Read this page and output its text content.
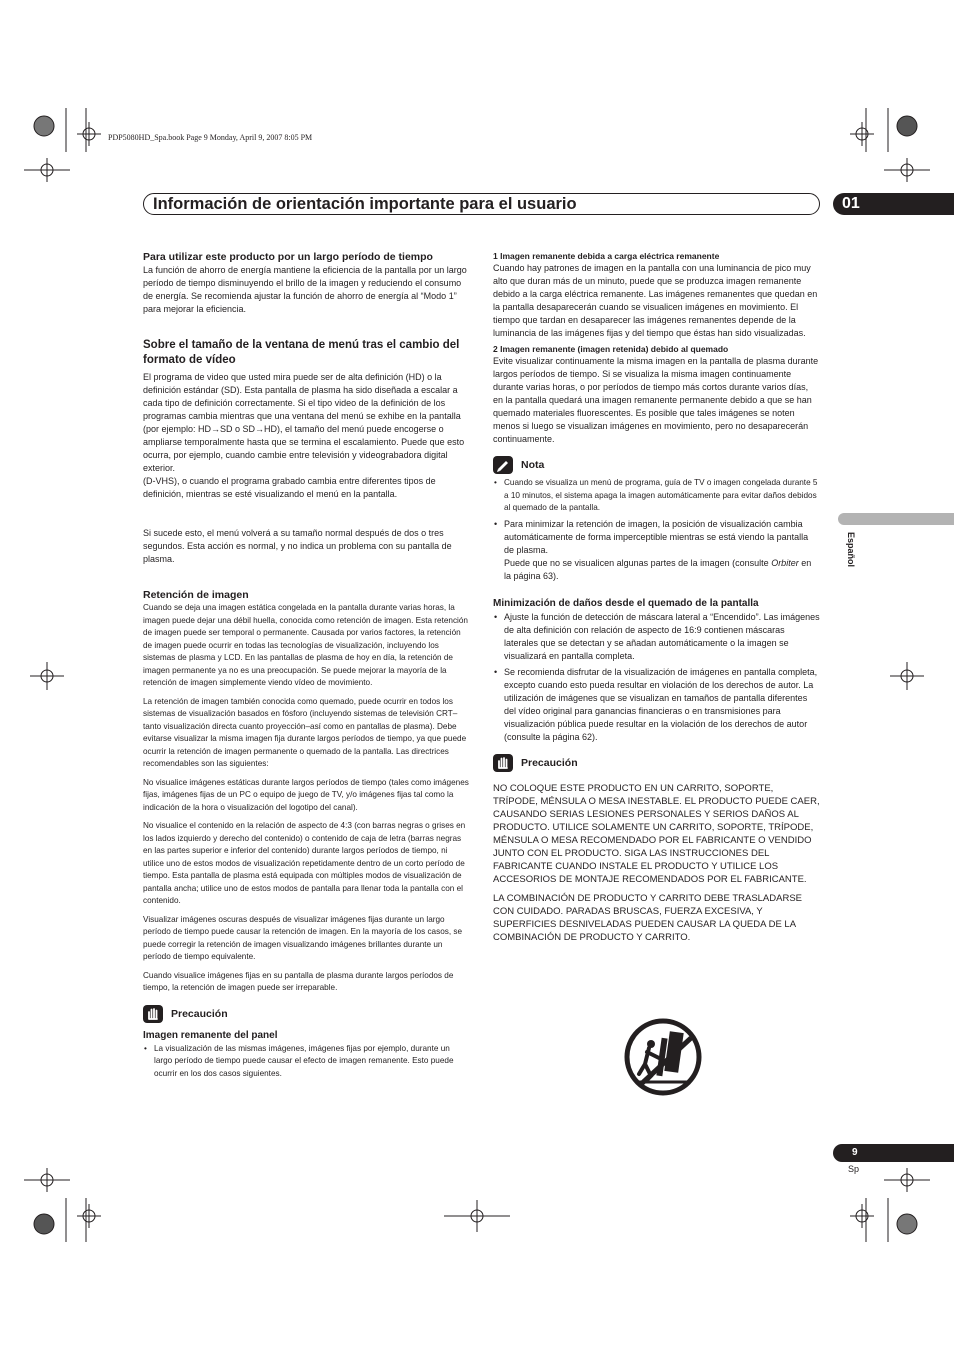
PDP5080HD_Spa.book Page 9 Monday, April 9, 2007 8:05 PM
Información de orientación importante para el usuario	01
Español
9
Sp

Para utilizar este producto por un largo período de tiempo

La función de ahorro de energía mantiene la eficiencia de la pantalla por un largo período de tiempo disminuyendo el brillo de la imagen y reduciendo el consumo de energía. Se recomienda ajustar la función de ahorro de energía al “Modo 1” para mejorar la eficiencia.

Sobre el tamaño de la ventana de menú tras el cambio del formato de vídeo

El programa de video que usted mira puede ser de alta definición (HD) o la definición estándar (SD). Esta pantalla de plasma ha sido diseñada a escalar a cada tipo de definición correctamente. Si el tipo video de la definición de los programas cambia mientras que una ventana del menú se exhibe en la pantalla (por ejemplo: HD→SD o SD→HD), el tamaño del menú puede encogerse o ampliarse temporalmente hasta que se termina el escalamiento. Puede que esto ocurra, por ejemplo, cuando cambie entre televisión y videograbadora digital exterior.

(D-VHS), o cuando el programa grabado cambia entre diferentes tipos de definición, mientras se esté visualizando el menú en la pantalla.

Si sucede esto, el menú volverá a su tamaño normal después de dos o tres segundos. Esta acción es normal, y no indica un problema con su pantalla de plasma.

Retención de imagen

Cuando se deja una imagen estática congelada en la pantalla durante varias horas, la imagen puede dejar una débil huella, conocida como retención de imagen. Esta retención de imagen puede ser temporal o permanente. Causada por varios factores, la retención de imagen puede ocurrir en todas las tecnologías de visualización, incluyendo los sistemas de plasma y LCD. En las pantallas de plasma de hoy en día, la retención de imagen permanente ya no es una preocupación. Se puede mejorar la mayoría de la retención de imagen simplemente viendo vídeo de movimiento.

La retención de imagen también conocida como quemado, puede ocurrir en todos los sistemas de visualización basados en fósforo (incluyendo sistemas de televisión CRT–tanto visualización directa cuanto proyección–así como en pantallas de plasma). Debe evitarse visualizar la misma imagen fija durante largos períodos de tiempo, ya que puede ocurrir la retención de imagen permanente o quemado de la pantalla. Las directrices recomendables son las siguientes:

No visualice imágenes estáticas durante largos períodos de tiempo (tales como imágenes fijas, imágenes fijas de un PC o equipo de juego de TV, y/o imágenes fijas tal como la indicación de la hora o visualización del logotipo del canal).

No visualice el contenido en la relación de aspecto de 4:3 (con barras negras o grises en los lados izquierdo y derecho del contenido) o contenido de caja de letra (barras negras en las partes superior e inferior del contenido) durante largos períodos de tiempo, ni utilice uno de estos modos de visualización repetidamente dentro de un corto período de tiempo. Esta pantalla de plasma está equipada con múltiples modos de visualización de pantalla ancha; utilice uno de estos modos de pantalla para llenar toda la pantalla con el contenido.

Visualizar imágenes oscuras después de visualizar imágenes fijas durante un largo período de tiempo puede causar la retención de imagen. En la mayoría de los casos, se puede corregir la retención de imagen visualizando imágenes brillantes durante un período de tiempo equivalente.

Cuando visualice imágenes fijas en su pantalla de plasma durante largos períodos de tiempo, la retención de imagen puede ser irreparable.

Precaución

Imagen remanente del panel

• La visualización de las mismas imágenes, imágenes fijas por ejemplo, durante un largo período de tiempo puede causar el efecto de imagen remanente. Esto puede ocurrir en los dos casos siguientes.

1 Imagen remanente debida a carga eléctrica remanente

Cuando hay patrones de imagen en la pantalla con una luminancia de pico muy alto que duran más de un minuto, puede que se produzca imagen remanente debido a la carga eléctrica remanente. Las imágenes remanentes que quedan en la pantalla desaparecerán cuando se visualicen imágenes en movimiento. El tiempo que tardan en desaparecer las imágenes remanentes depende de la luminancia de las imágenes fijas y del tiempo que éstas han sido visualizadas.

2 Imagen remanente (imagen retenida) debido al quemado

Evite visualizar continuamente la misma imagen en la pantalla de plasma durante largos períodos de tiempo. Si se visualiza la misma imagen continuamente durante varias horas, o por períodos de tiempo más cortos durante varios días, en la pantalla quedará una imagen remanente permanente debido a que se han quemado materiales fluorescentes. Es posible que tales imágenes se noten menos si luego se visualizan imágenes en movimiento, pero no desaparecerán continuamente.

Nota
• Cuando se visualiza un menú de programa, guía de TV o imagen congelada durante 5 a 10 minutos, el sistema apaga la imagen automáticamente para evitar daños debidos al quemado de la pantalla.
• Para minimizar la retención de imagen, la posición de visualización cambia automáticamente de forma imperceptible mientras se está viendo la pantalla de plasma.
Puede que no se visualicen algunas partes de la imagen (consulte Orbiter en la página 63).

Minimización de daños desde el quemado de la pantalla

• Ajuste la función de detección de máscara lateral a “Encendido”. Las imágenes de alta definición con relación de aspecto de 16:9 contienen máscaras laterales que se detectan y se añadan automáticamente o la imagen se visualizará en pantalla completa.
• Se recomienda disfrutar de la visualización de imágenes en pantalla completa, excepto cuando esto pueda resultar en violación de los derechos de autor. La utilización de imágenes que se visualizan en tamaños de pantalla diferentes del vídeo original para ganancias financieras o en transmisiones para visualización pública puede resultar en la violación de los derechos de autor (consulte la página 62).
Precaución

NO COLOQUE ESTE PRODUCTO EN UN CARRITO, SOPORTE, TRÍPODE, MÉNSULA O MESA INESTABLE. EL PRODUCTO PUEDE CAER, CAUSANDO SERIAS LESIONES PERSONALES Y SERIOS DAÑOS AL PRODUCTO. UTILICE SOLAMENTE UN CARRITO, SOPORTE, TRÍPODE, MÉNSULA O MESA RECOMENDADO POR EL FABRICANTE O VENDIDO JUNTO CON EL PRODUCTO. SIGA LAS INSTRUCCIONES DEL FABRICANTE CUANDO INSTALE EL PRODUCTO Y UTILICE LOS ACCESORIOS DE MONTAJE RECOMENDADOS POR EL FABRICANTE.

LA COMBINACIÓN DE PRODUCTO Y CARRITO DEBE TRASLADARSE CON CUIDADO. PARADAS BRUSCAS, FUERZA EXCESIVA, Y SUPERFICIES DESNIVELADAS PUEDEN CAUSAR LA QUEDA DE LA COMBINACIÓN DE PRODUCTO Y CARRITO.
